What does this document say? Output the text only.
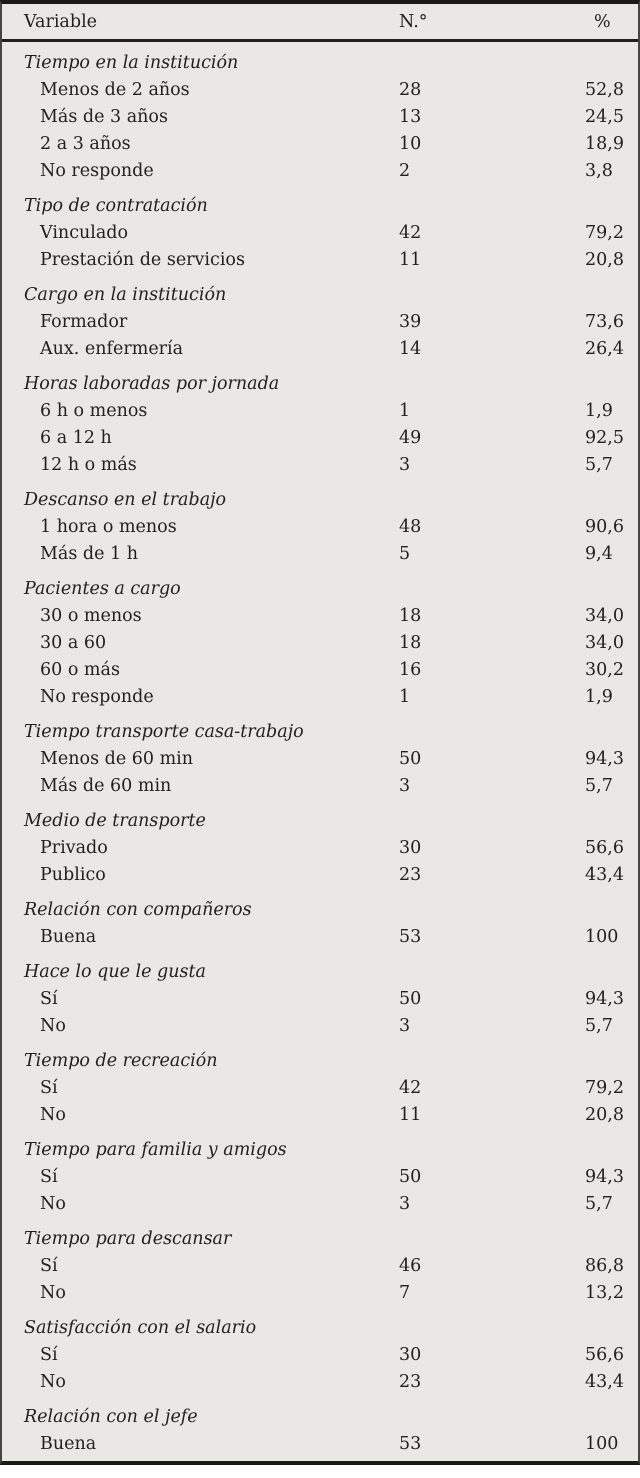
Variable	N.°	%
Tiempo en la institución
Menos de 2 años	28	52,8
Más de 3 años	13	24,5
2 a 3 años	10	18,9
No responde	2	3,8
Tipo de contratación
Vinculado	42	79,2
Prestación de servicios	11	20,8
Cargo en la institución
Formador	39	73,6
Aux. enfermería	14	26,4
Horas laboradas por jornada
6 h o menos	1	1,9
6 a 12 h	49	92,5
12 h o más	3	5,7
Descanso en el trabajo
1 hora o menos	48	90,6
Más de 1 h	5	9,4
Pacientes a cargo
30 o menos	18	34,0
30 a 60	18	34,0
60 o más	16	30,2
No responde	1	1,9
Tiempo transporte casa-trabajo
Menos de 60 min	50	94,3
Más de 60 min	3	5,7
Medio de transporte
Privado	30	56,6
Publico	23	43,4
Relación con compañeros
Buena	53	100
Hace lo que le gusta
Sí	50	94,3
No	3	5,7
Tiempo de recreación
Sí	42	79,2
No	11	20,8
Tiempo para familia y amigos
Sí	50	94,3
No	3	5,7
Tiempo para descansar
Sí	46	86,8
No	7	13,2
Satisfacción con el salario
Sí	30	56,6
No	23	43,4
Relación con el jefe
Buena	53	100
